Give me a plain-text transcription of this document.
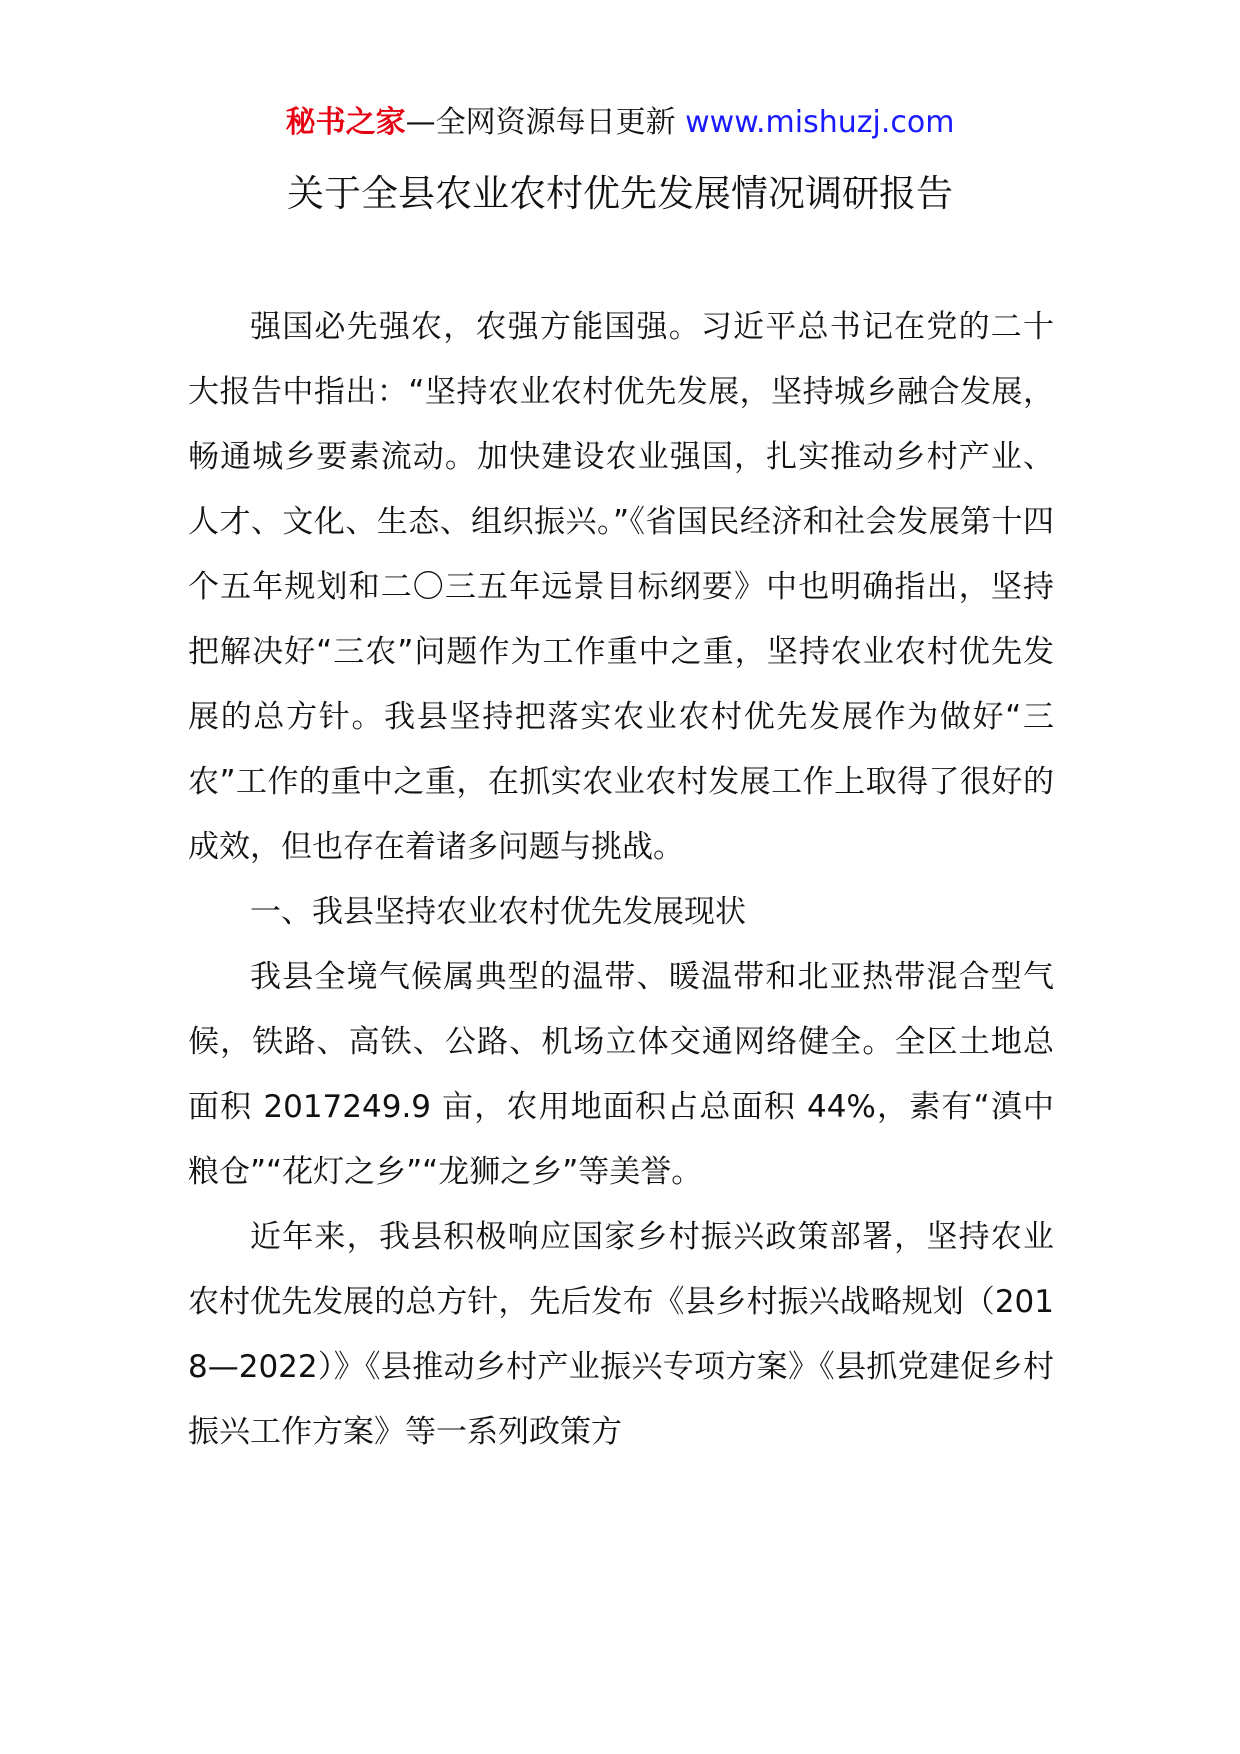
秘书之家—全网资源每日更新 www.mishuzj.com
关于全县农业农村优先发展情况调研报告

强国必先强农，农强方能国强。习近平总书记在党的二十大报告中指出：“坚持农业农村优先发展，坚持城乡融合发展，畅通城乡要素流动。加快建设农业强国，扎实推动乡村产业、人才、文化、生态、组织振兴。”《省国民经济和社会发展第十四个五年规划和二〇三五年远景目标纲要》中也明确指出，坚持把解决好“三农”问题作为工作重中之重，坚持农业农村优先发展的总方针。我县坚持把落实农业农村优先发展作为做好“三农”工作的重中之重，在抓实农业农村发展工作上取得了很好的成效，但也存在着诸多问题与挑战。

一、我县坚持农业农村优先发展现状

我县全境气候属典型的温带、暖温带和北亚热带混合型气候，铁路、高铁、公路、机场立体交通网络健全。全区土地总面积 2017249.9 亩，农用地面积占总面积 44%，素有“滇中粮仓”“花灯之乡”“龙狮之乡”等美誉。

近年来，我县积极响应国家乡村振兴政策部署，坚持农业农村优先发展的总方针，先后发布《县乡村振兴战略规划（2018—2022）》《县推动乡村产业振兴专项方案》《县抓党建促乡村振兴工作方案》等一系列政策方
